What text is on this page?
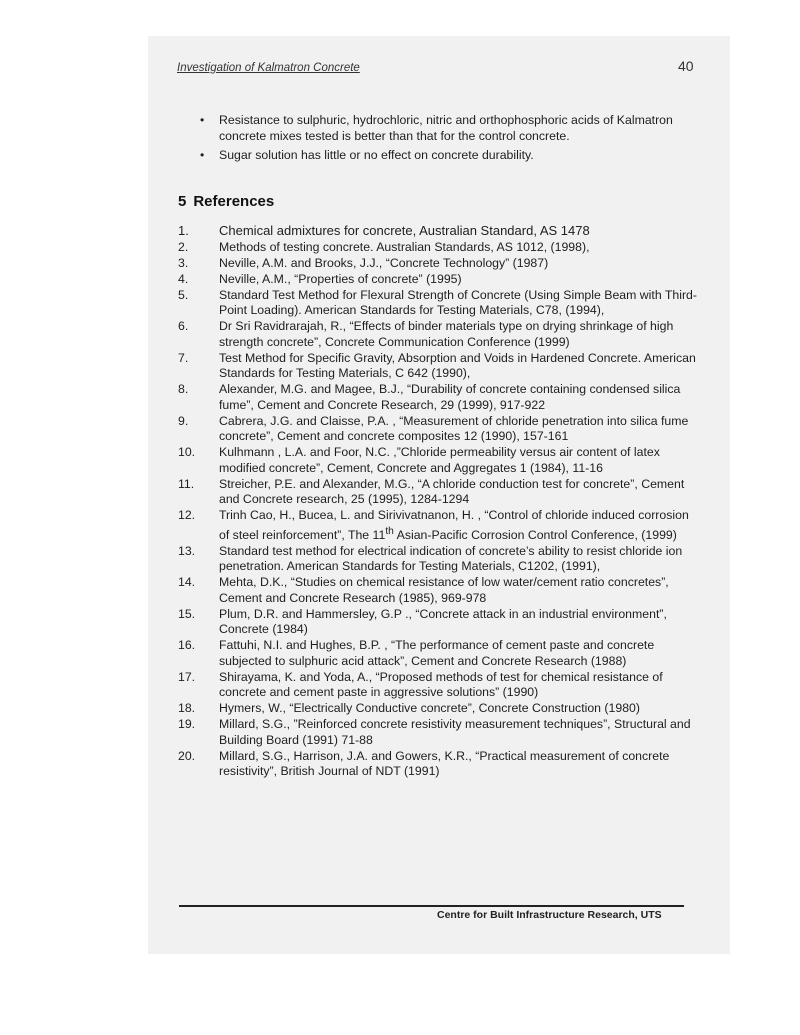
Investigation of Kalmatron Concrete	40
• Resistance to sulphuric, hydrochloric, nitric and orthophosphoric acids of Kalmatron concrete mixes tested is better than that for the control concrete.
• Sugar solution has little or no effect on concrete durability.
5 References
1. Chemical admixtures for concrete, Australian Standard, AS 1478
2. Methods of testing concrete. Australian Standards, AS 1012, (1998),
3. Neville, A.M. and Brooks, J.J., “Concrete Technology” (1987)
4. Neville, A.M., “Properties of concrete” (1995)
5. Standard Test Method for Flexural Strength of Concrete (Using Simple Beam with Third-Point Loading). American Standards for Testing Materials, C78, (1994),
6. Dr Sri Ravidrarajah, R., “Effects of binder materials type on drying shrinkage of high strength concrete”, Concrete Communication Conference (1999)
7. Test Method for Specific Gravity, Absorption and Voids in Hardened Concrete. American Standards for Testing Materials, C 642 (1990),
8. Alexander, M.G. and Magee, B.J., “Durability of concrete containing condensed silica fume”, Cement and Concrete Research, 29 (1999), 917-922
9. Cabrera, J.G. and Claisse, P.A. , “Measurement of chloride penetration into silica fume concrete”, Cement and concrete composites 12 (1990), 157-161
10. Kulhmann , L.A. and Foor, N.C. ,”Chloride permeability versus air content of latex modified concrete”, Cement, Concrete and Aggregates 1 (1984), 11-16
11. Streicher, P.E. and Alexander, M.G., “A chloride conduction test for concrete”, Cement and Concrete research, 25 (1995), 1284-1294
12. Trinh Cao, H., Bucea, L. and Sirivivatnanon, H. , “Control of chloride induced corrosion of steel reinforcement”, The 11th Asian-Pacific Corrosion Control Conference, (1999)
13. Standard test method for electrical indication of concrete’s ability to resist chloride ion penetration. American Standards for Testing Materials, C1202, (1991),
14. Mehta, D.K., “Studies on chemical resistance of low water/cement ratio concretes”, Cement and Concrete Research (1985), 969-978
15. Plum, D.R. and Hammersley, G.P ., “Concrete attack in an industrial environment”, Concrete (1984)
16. Fattuhi, N.I. and Hughes, B.P. , “The performance of cement paste and concrete subjected to sulphuric acid attack”, Cement and Concrete Research (1988)
17. Shirayama, K. and Yoda, A., “Proposed methods of test for chemical resistance of concrete and cement paste in aggressive solutions” (1990)
18. Hymers, W., “Electrically Conductive concrete”, Concrete Construction (1980)
19. Millard, S.G., ”Reinforced concrete resistivity measurement techniques”, Structural and Building Board (1991) 71-88
20. Millard, S.G., Harrison, J.A. and Gowers, K.R., “Practical measurement of concrete resistivity”, British Journal of NDT (1991)
Centre for Built Infrastructure Research, UTS
